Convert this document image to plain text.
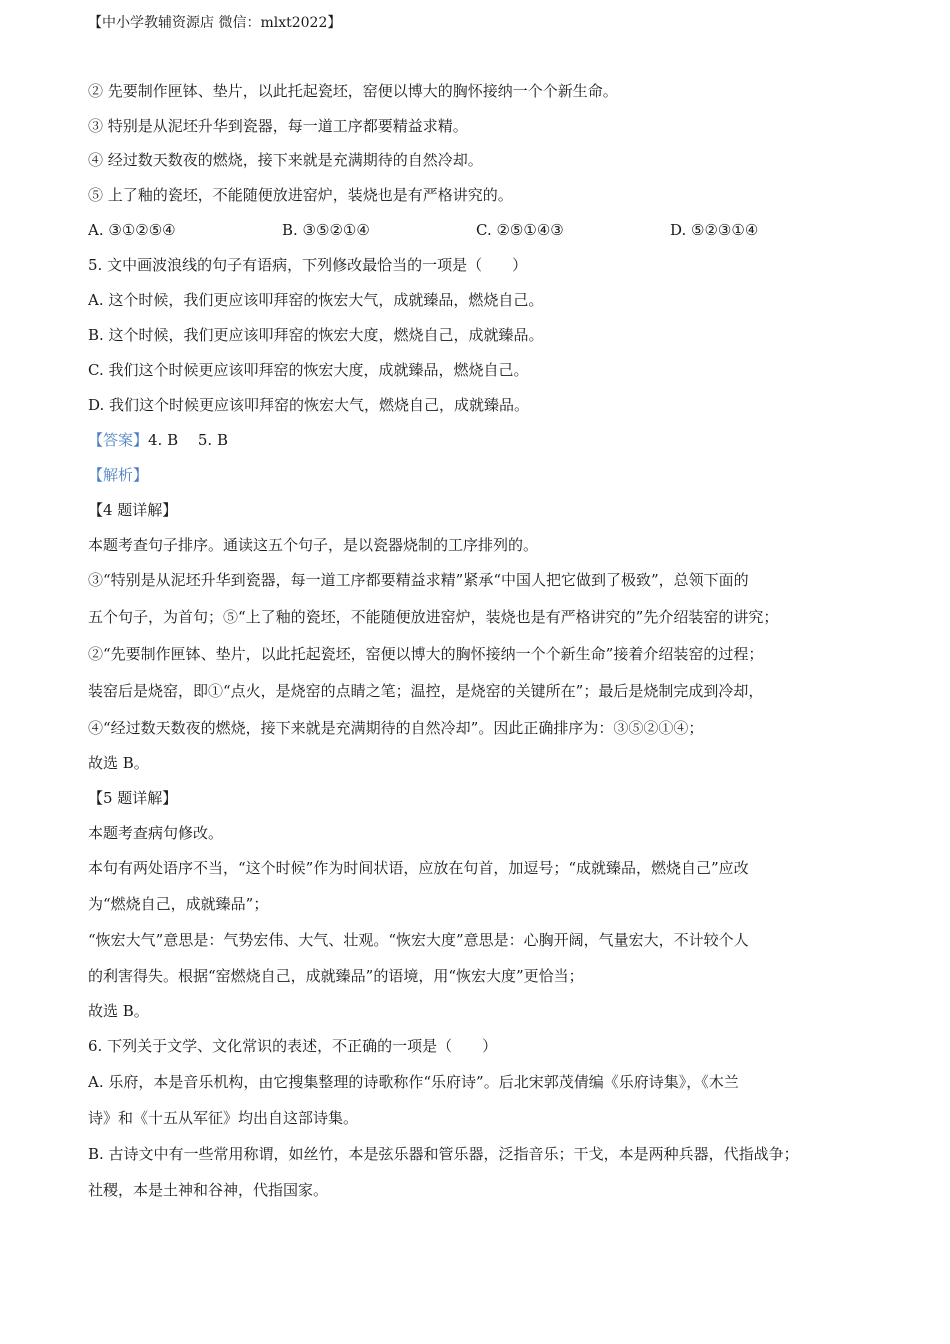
【中小学教辅资源店 微信：mlxt2022】
② 先要制作匣钵、垫片，以此托起瓷坯，窑便以博大的胸怀接纳一个个新生命。
③ 特别是从泥坯升华到瓷器，每一道工序都要精益求精。
④ 经过数天数夜的燃烧，接下来就是充满期待的自然冷却。
⑤ 上了釉的瓷坯，不能随便放进窑炉，装烧也是有严格讲究的。
A. ③①②⑤④	B. ③⑤②①④	C. ②⑤①④③	D. ⑤②③①④
5. 文中画波浪线的句子有语病，下列修改最恰当的一项是（　　）
A. 这个时候，我们更应该叩拜窑的恢宏大气，成就臻品，燃烧自己。
B. 这个时候，我们更应该叩拜窑的恢宏大度，燃烧自己，成就臻品。
C. 我们这个时候更应该叩拜窑的恢宏大度，成就臻品，燃烧自己。
D. 我们这个时候更应该叩拜窑的恢宏大气，燃烧自己，成就臻品。
【答案】4. B　 5. B
【解析】
【4 题详解】
本题考查句子排序。通读这五个句子，是以瓷器烧制的工序排列的。
③“特别是从泥坯升华到瓷器，每一道工序都要精益求精”紧承“中国人把它做到了极致”，总领下面的
五个句子，为首句；⑤“上了釉的瓷坯，不能随便放进窑炉，装烧也是有严格讲究的”先介绍装窑的讲究；
②“先要制作匣钵、垫片，以此托起瓷坯，窑便以博大的胸怀接纳一个个新生命”接着介绍装窑的过程；
装窑后是烧窑，即①“点火，是烧窑的点睛之笔；温控，是烧窑的关键所在”；最后是烧制完成到冷却，
④“经过数天数夜的燃烧，接下来就是充满期待的自然冷却”。因此正确排序为：③⑤②①④；
故选 B。
【5 题详解】
本题考查病句修改。
本句有两处语序不当，“这个时候”作为时间状语，应放在句首，加逗号；“成就臻品，燃烧自己”应改
为“燃烧自己，成就臻品”；
“恢宏大气”意思是：气势宏伟、大气、壮观。“恢宏大度”意思是：心胸开阔，气量宏大，不计较个人
的利害得失。根据“窑燃烧自己，成就臻品”的语境，用“恢宏大度”更恰当；
故选 B。
6. 下列关于文学、文化常识的表述，不正确的一项是（　　）
A. 乐府，本是音乐机构，由它搜集整理的诗歌称作“乐府诗”。后北宋郭茂倩编《乐府诗集》，《木兰
诗》和《十五从军征》均出自这部诗集。
B. 古诗文中有一些常用称谓，如丝竹，本是弦乐器和管乐器，泛指音乐；干戈，本是两种兵器，代指战争；
社稷，本是土神和谷神，代指国家。
